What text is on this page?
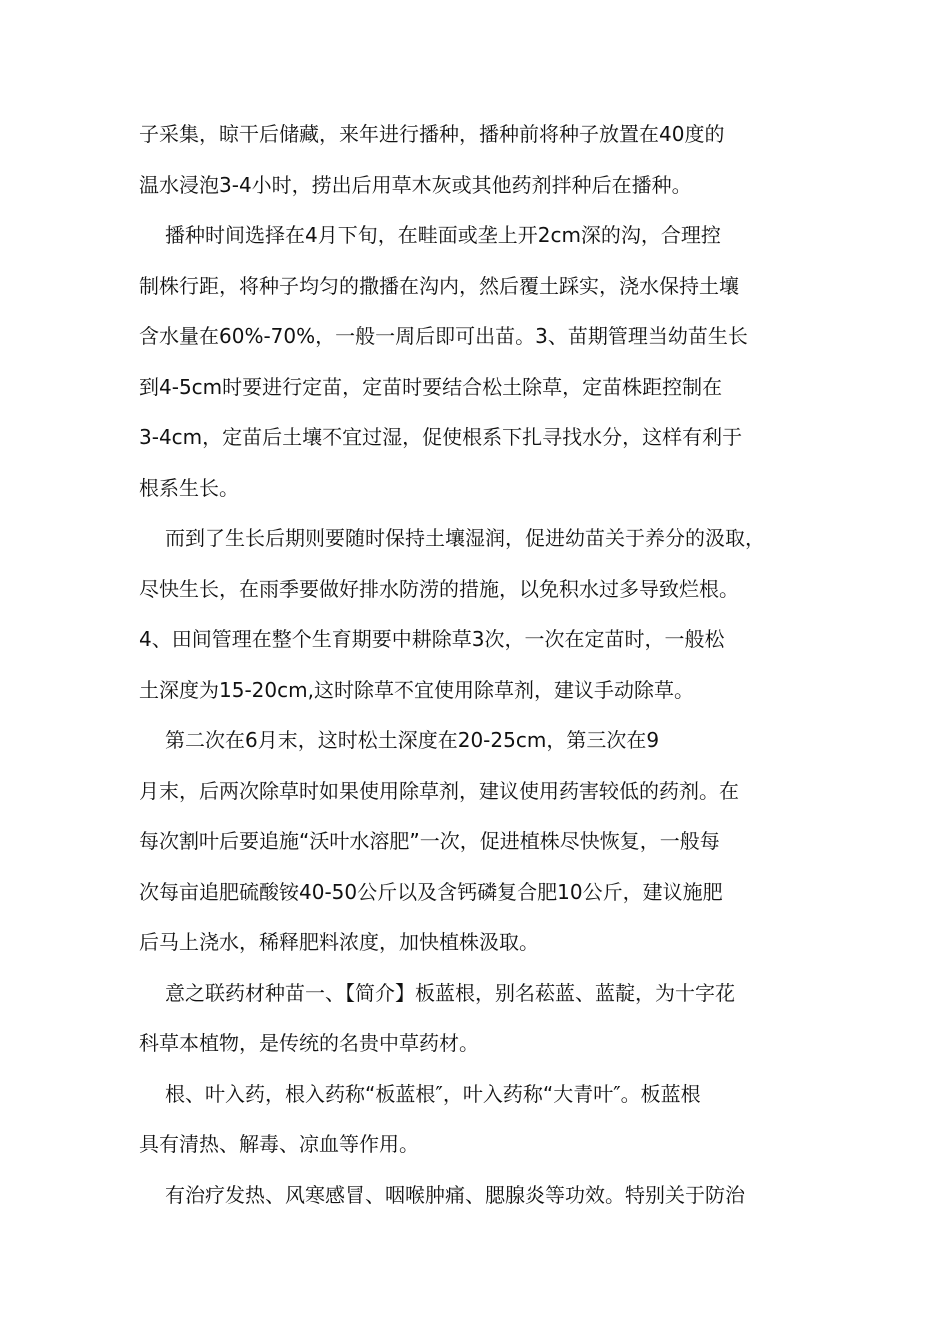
子采集，晾干后储藏，来年进行播种，播种前将种子放置在40度的
温水浸泡3-4小时，捞出后用草木灰或其他药剂拌种后在播种。
播种时间选择在4月下旬，在畦面或垄上开2cm深的沟，合理控
制株行距，将种子均匀的撒播在沟内，然后覆土踩实，浇水保持土壤
含水量在60%-70%，一般一周后即可出苗。3、苗期管理当幼苗生长
到4-5cm时要进行定苗，定苗时要结合松土除草，定苗株距控制在
3-4cm，定苗后土壤不宜过湿，促使根系下扎寻找水分，这样有利于
根系生长。
而到了生长后期则要随时保持土壤湿润，促进幼苗关于养分的汲取，
尽快生长，在雨季要做好排水防涝的措施，以免积水过多导致烂根。
4、田间管理在整个生育期要中耕除草3次，一次在定苗时，一般松
土深度为15-20cm,这时除草不宜使用除草剂，建议手动除草。
第二次在6月末，这时松土深度在20-25cm，第三次在9
月末，后两次除草时如果使用除草剂，建议使用药害较低的药剂。在
每次割叶后要追施“沃叶水溶肥”一次，促进植株尽快恢复，一般每
次每亩追肥硫酸铵40-50公斤以及含钙磷复合肥10公斤，建议施肥
后马上浇水，稀释肥料浓度，加快植株汲取。
意之联药材种苗一、【简介】板蓝根，别名菘蓝、蓝靛，为十字花
科草本植物，是传统的名贵中草药材。
根、叶入药，根入药称“板蓝根″，叶入药称“大青叶″。板蓝根
具有清热、解毒、凉血等作用。
有治疗发热、风寒感冒、咽喉肿痛、腮腺炎等功效。特别关于防治
